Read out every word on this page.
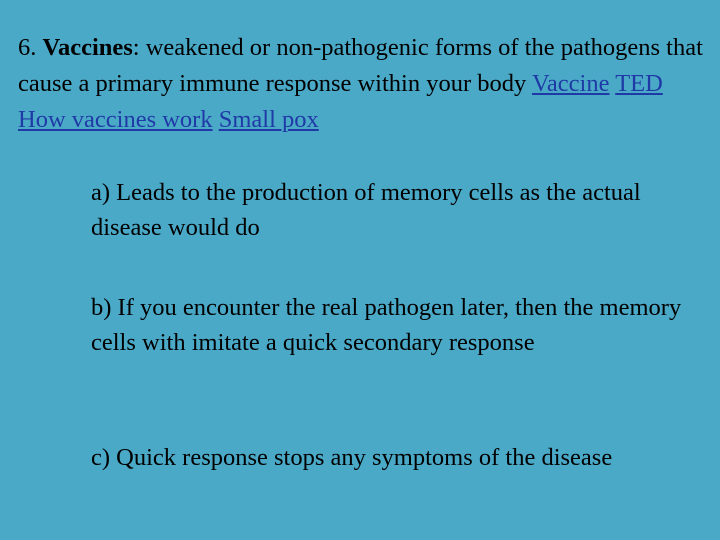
6. Vaccines: weakened or non-pathogenic forms of the pathogens that cause a primary immune response within your body Vaccine TED How vaccines work Small pox

a) Leads to the production of memory cells as the actual disease would do

b) If you encounter the real pathogen later, then the memory cells with imitate a quick secondary response

c) Quick response stops any symptoms of the disease
